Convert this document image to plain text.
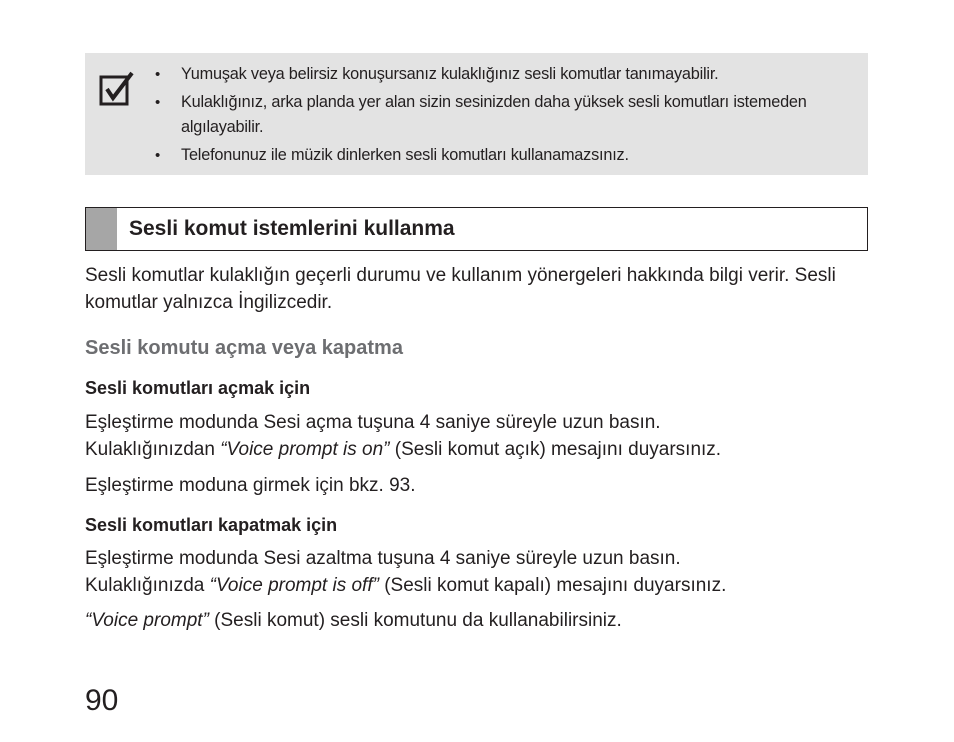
• Yumuşak veya belirsiz konuşursanız kulaklığınız sesli komutlar tanımayabilir.
• Kulaklığınız, arka planda yer alan sizin sesinizden daha yüksek sesli komutları istemeden algılayabilir.
• Telefonunuz ile müzik dinlerken sesli komutları kullanamazsınız.
Sesli komut istemlerini kullanma

Sesli komutlar kulaklığın geçerli durumu ve kullanım yönergeleri hakkında bilgi verir. Sesli komutlar yalnızca İngilizcedir.

Sesli komutu açma veya kapatma
Sesli komutları açmak için

Eşleştirme modunda Sesi açma tuşuna 4 saniye süreyle uzun basın.
Kulaklığınızdan “Voice prompt is on” (Sesli komut açık) mesajını duyarsınız.

Eşleştirme moduna girmek için bkz. 93.

Sesli komutları kapatmak için

Eşleştirme modunda Sesi azaltma tuşuna 4 saniye süreyle uzun basın.
Kulaklığınızda “Voice prompt is off” (Sesli komut kapalı) mesajını duyarsınız.

“Voice prompt” (Sesli komut) sesli komutunu da kullanabilirsiniz.

90
